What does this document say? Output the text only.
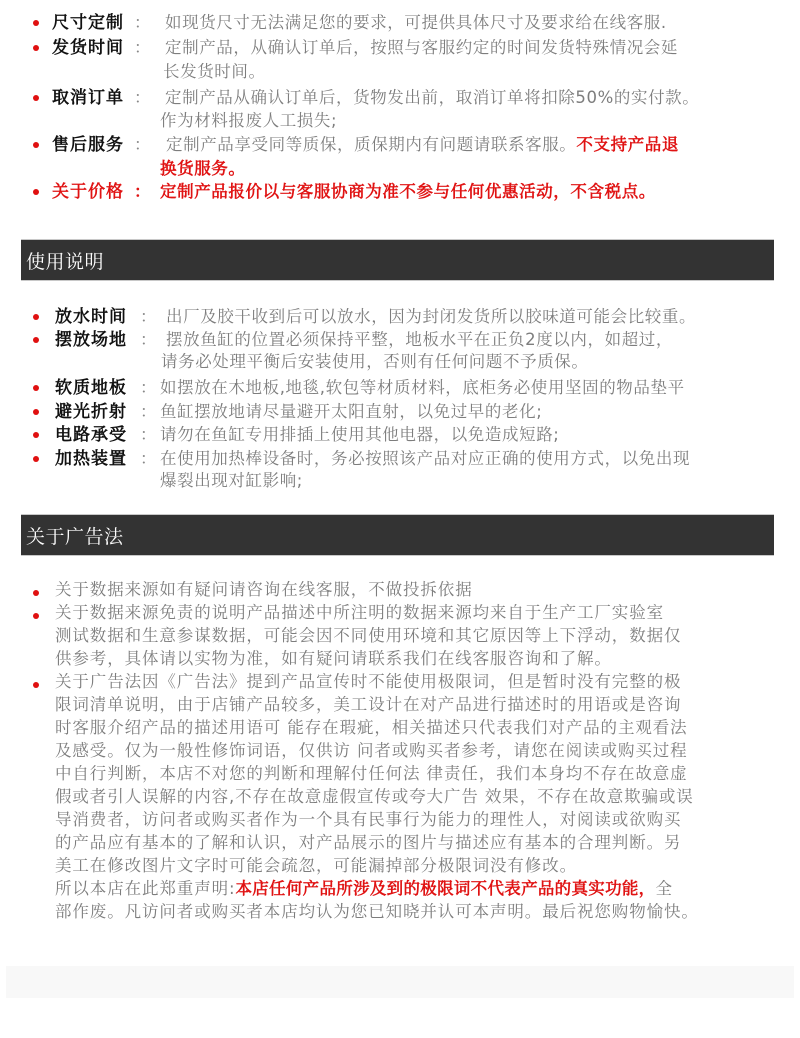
尺寸定制 ： 如现货尺寸无法满足您的要求，可提供具体尺寸及要求给在线客服.
发货时间 ： 定制产品，从确认订单后，按照与客服约定的时间发货特殊情况会延
长发货时间。
取消订单 ： 定制产品从确认订单后，货物发出前，取消订单将扣除50%的实付款。
作为材料报废人工损失;
售后服务 ： 定制产品享受同等质保，质保期内有问题请联系客服。不支持产品退
换货服务。
关于价格 ： 定制产品报价以与客服协商为准不参与任何优惠活动，不含税点。
使用说明
放水时间 ： 出厂及胶干收到后可以放水，因为封闭发货所以胶味道可能会比较重。
摆放场地 ： 摆放鱼缸的位置必须保持平整，地板水平在正负2度以内，如超过，
请务必处理平衡后安装使用，否则有任何问题不予质保。
软质地板 ： 如摆放在木地板,地毯,软包等材质材料，底柜务必使用坚固的物品垫平
避光折射 ： 鱼缸摆放地请尽量避开太阳直射，以免过早的老化;
电路承受 ： 请勿在鱼缸专用排插上使用其他电器，以免造成短路;
加热装置 ： 在使用加热棒设备时，务必按照该产品对应正确的使用方式，以免出现
爆裂出现对缸影响;
关于广告法
关于数据来源如有疑问请咨询在线客服，不做投拆依据
关于数据来源免责的说明产品描述中所注明的数据来源均来自于生产工厂实验室
测试数据和生意参谋数据，可能会因不同使用环境和其它原因等上下浮动，数据仅
供参考，具体请以实物为准，如有疑问请联系我们在线客服咨询和了解。
关于广告法因《广告法》提到产品宣传时不能使用极限词，但是暂时没有完整的极
限词清单说明，由于店铺产品较多，美工设计在对产品进行描述时的用语或是咨询
时客服介绍产品的描述用语可 能存在瑕疵，相关描述只代表我们对产品的主观看法
及感受。仅为一般性修饰词语，仅供访 问者或购买者参考，请您在阅读或购买过程
中自行判断，本店不对您的判断和理解付任何法 律责任，我们本身均不存在故意虚
假或者引人误解的内容,不存在故意虚假宣传或夸大广告 效果，不存在故意欺骗或误
导消费者，访问者或购买者作为一个具有民事行为能力的理性人，对阅读或欲购买
的产品应有基本的了解和认识，对产品展示的图片与描述应有基本的合理判断。另
美工在修改图片文字时可能会疏忽，可能漏掉部分极限词没有修改。
所以本店在此郑重声明:本店任何产品所涉及到的极限词不代表产品的真实功能，全
部作废。凡访问者或购买者本店均认为您已知晓并认可本声明。最后祝您购物愉快。
